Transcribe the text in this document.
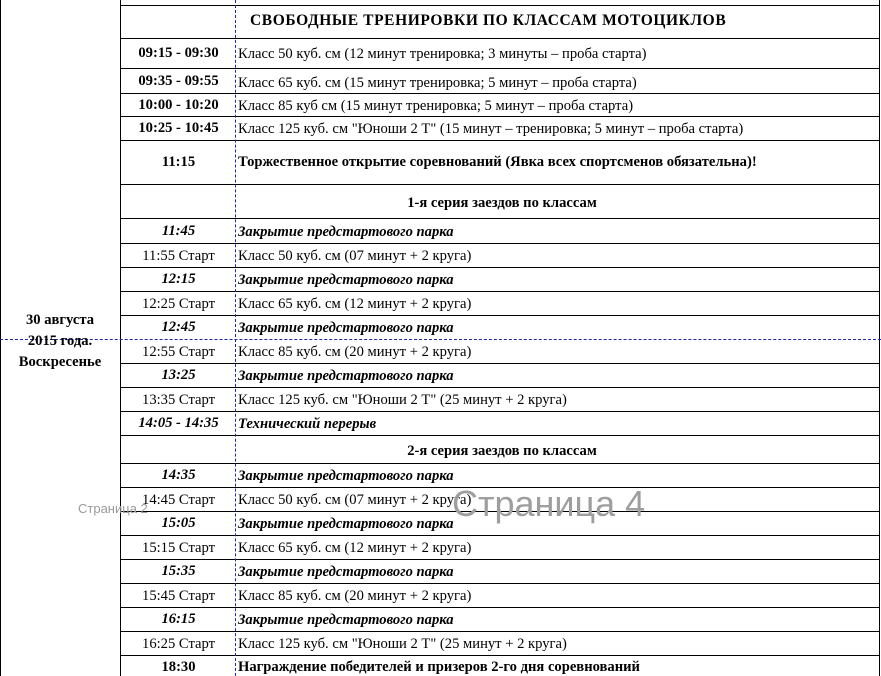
СВОБОДНЫЕ ТРЕНИРОВКИ ПО КЛАССАМ МОТОЦИКЛОВ
30 августа
2015 года.
Воскресенье
09:15 - 09:30	Класс 50 куб. см (12 минут тренировка; 3 минуты – проба старта)
09:35 - 09:55	Класс 65 куб. см (15 минут тренировка; 5 минут – проба старта)
10:00 - 10:20	Класс 85 куб см (15 минут тренировка; 5 минут – проба старта)
10:25 - 10:45	Класс 125 куб. см "Юноши 2 Т" (15 минут – тренировка; 5 минут – проба старта)
11:15	Торжественное открытие соревнований (Явка всех спортсменов обязательна)!
1-я серия заездов по классам
11:45	Закрытие предстартового парка
11:55 Старт	Класс 50 куб. см (07 минут + 2 круга)
12:15	Закрытие предстартового парка
12:25 Старт	Класс 65 куб. см (12 минут + 2 круга)
12:45	Закрытие предстартового парка
12:55 Старт	Класс 85 куб. см (20 минут + 2 круга)
13:25	Закрытие предстартового парка
13:35 Старт	Класс 125 куб. см "Юноши 2 Т" (25 минут + 2 круга)
14:05 - 14:35	Технический перерыв
2-я серия заездов по классам
14:35	Закрытие предстартового парка
14:45 Старт	Класс 50 куб. см (07 минут + 2 круга)
15:05	Закрытие предстартового парка
15:15 Старт	Класс 65 куб. см (12 минут + 2 круга)
15:35	Закрытие предстартового парка
15:45 Старт	Класс 85 куб. см (20 минут + 2 круга)
16:15	Закрытие предстартового парка
16:25 Старт	Класс 125 куб. см "Юноши 2 Т" (25 минут + 2 круга)
18:30	Награждение победителей и призеров 2-го дня соревнований
Страница 4
Страница 2
